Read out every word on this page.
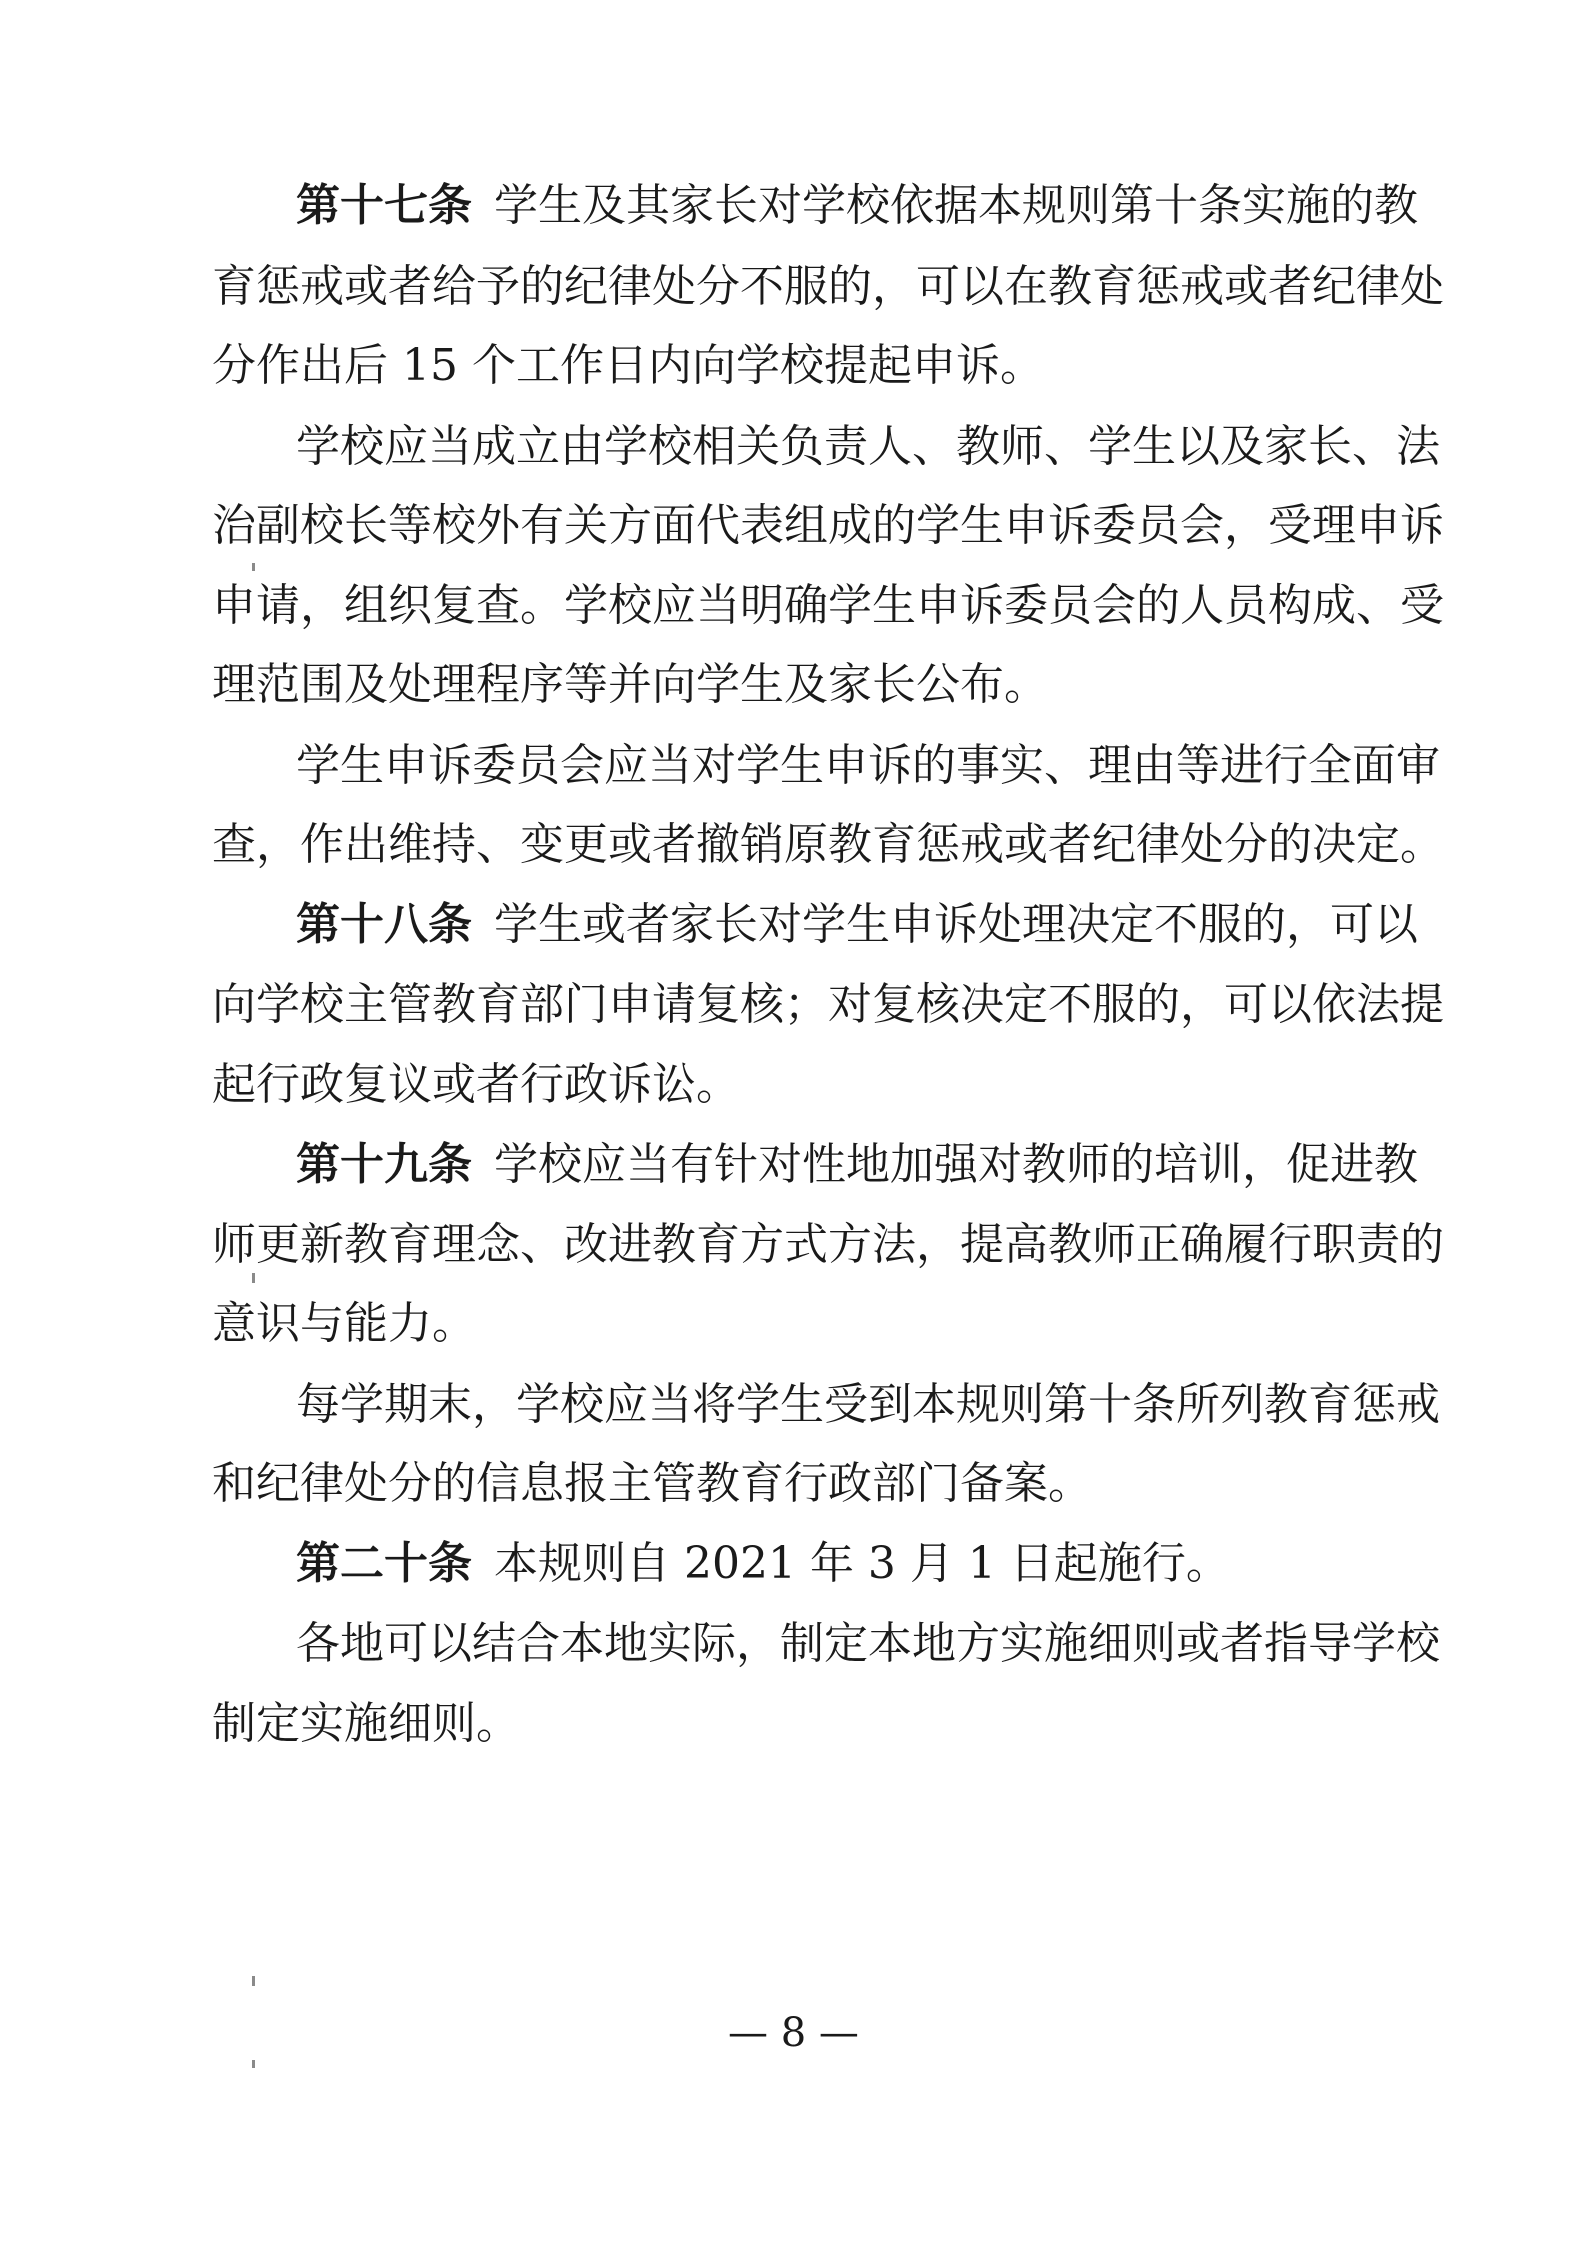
第十七条 学生及其家长对学校依据本规则第十条实施的教
育惩戒或者给予的纪律处分不服的，可以在教育惩戒或者纪律处
分作出后 15 个工作日内向学校提起申诉。
学校应当成立由学校相关负责人、教师、学生以及家长、法
治副校长等校外有关方面代表组成的学生申诉委员会，受理申诉
申请，组织复查。学校应当明确学生申诉委员会的人员构成、受
理范围及处理程序等并向学生及家长公布。
学生申诉委员会应当对学生申诉的事实、理由等进行全面审
查，作出维持、变更或者撤销原教育惩戒或者纪律处分的决定。
第十八条 学生或者家长对学生申诉处理决定不服的，可以
向学校主管教育部门申请复核；对复核决定不服的，可以依法提
起行政复议或者行政诉讼。
第十九条 学校应当有针对性地加强对教师的培训，促进教
师更新教育理念、改进教育方式方法，提高教师正确履行职责的
意识与能力。
每学期末，学校应当将学生受到本规则第十条所列教育惩戒
和纪律处分的信息报主管教育行政部门备案。
第二十条 本规则自 2021 年 3 月 1 日起施行。
各地可以结合本地实际，制定本地方实施细则或者指导学校
制定实施细则。
— 8 —
